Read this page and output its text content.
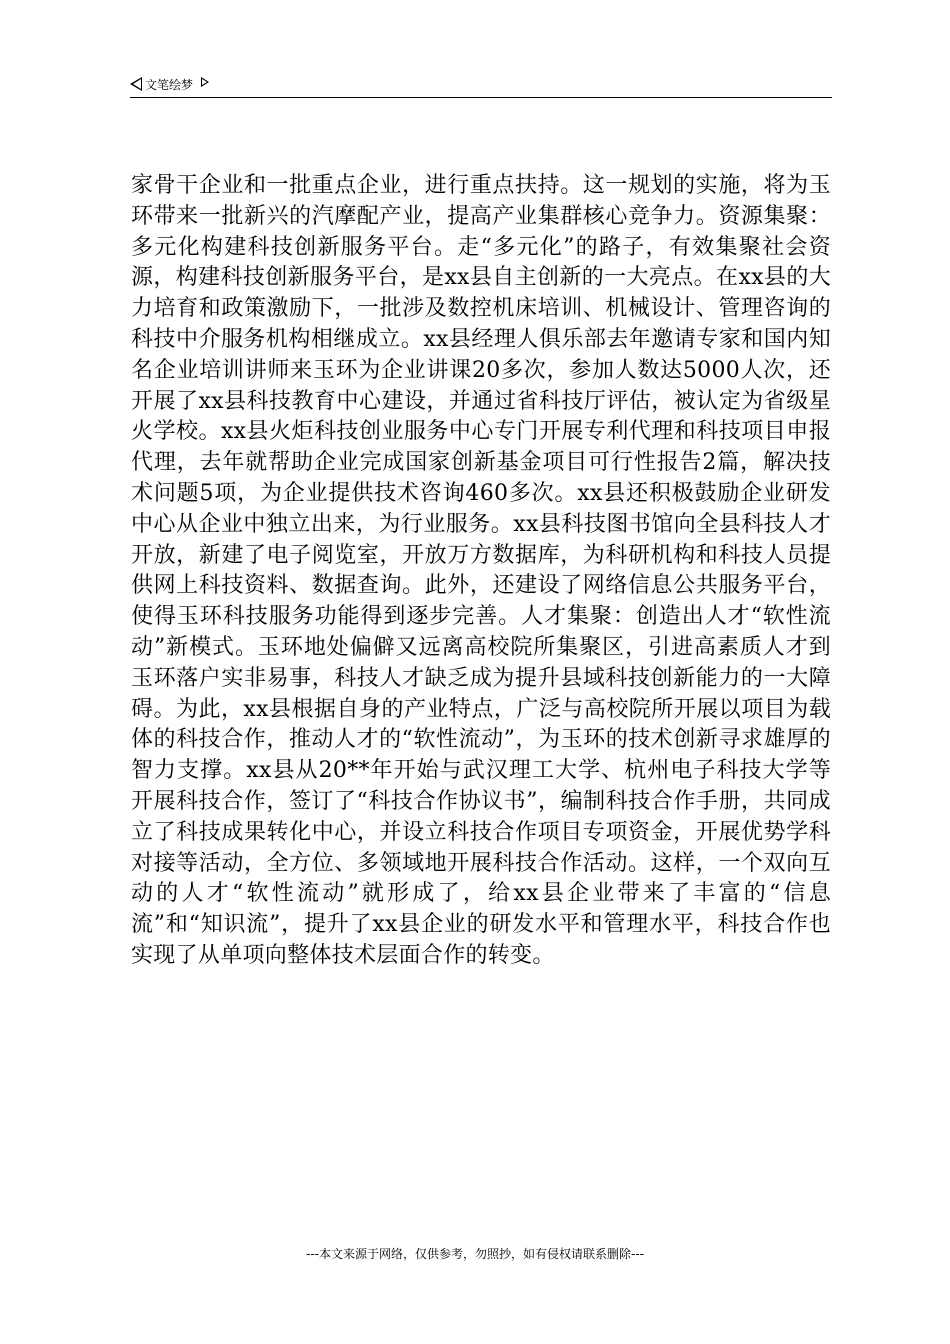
文笔绘梦

家骨干企业和一批重点企业，进行重点扶持。这一规划的实施，将为玉环带来一批新兴的汽摩配产业，提高产业集群核心竞争力。资源集聚：多元化构建科技创新服务平台。走“多元化”的路子，有效集聚社会资源，构建科技创新服务平台，是xx县自主创新的一大亮点。在xx县的大力培育和政策激励下，一批涉及数控机床培训、机械设计、管理咨询的科技中介服务机构相继成立。xx县经理人俱乐部去年邀请专家和国内知名企业培训讲师来玉环为企业讲课20多次，参加人数达5000人次，还开展了xx县科技教育中心建设，并通过省科技厅评估，被认定为省级星火学校。xx县火炬科技创业服务中心专门开展专利代理和科技项目申报代理，去年就帮助企业完成国家创新基金项目可行性报告2篇，解决技术问题5项，为企业提供技术咨询460多次。xx县还积极鼓励企业研发中心从企业中独立出来，为行业服务。xx县科技图书馆向全县科技人才开放，新建了电子阅览室，开放万方数据库，为科研机构和科技人员提供网上科技资料、数据查询。此外，还建设了网络信息公共服务平台，使得玉环科技服务功能得到逐步完善。人才集聚：创造出人才“软性流动”新模式。玉环地处偏僻又远离高校院所集聚区，引进高素质人才到玉环落户实非易事，科技人才缺乏成为提升县域科技创新能力的一大障碍。为此，xx县根据自身的产业特点，广泛与高校院所开展以项目为载体的科技合作，推动人才的“软性流动”，为玉环的技术创新寻求雄厚的智力支撑。xx县从20**年开始与武汉理工大学、杭州电子科技大学等开展科技合作，签订了“科技合作协议书”，编制科技合作手册，共同成立了科技成果转化中心，并设立科技合作项目专项资金，开展优势学科对接等活动，全方位、多领域地开展科技合作活动。这样，一个双向互动的人才“软性流动”就形成了，给xx县企业带来了丰富的“信息流”和“知识流”，提升了xx县企业的研发水平和管理水平，科技合作也实现了从单项向整体技术层面合作的转变。

---本文来源于网络，仅供参考，勿照抄，如有侵权请联系删除---
